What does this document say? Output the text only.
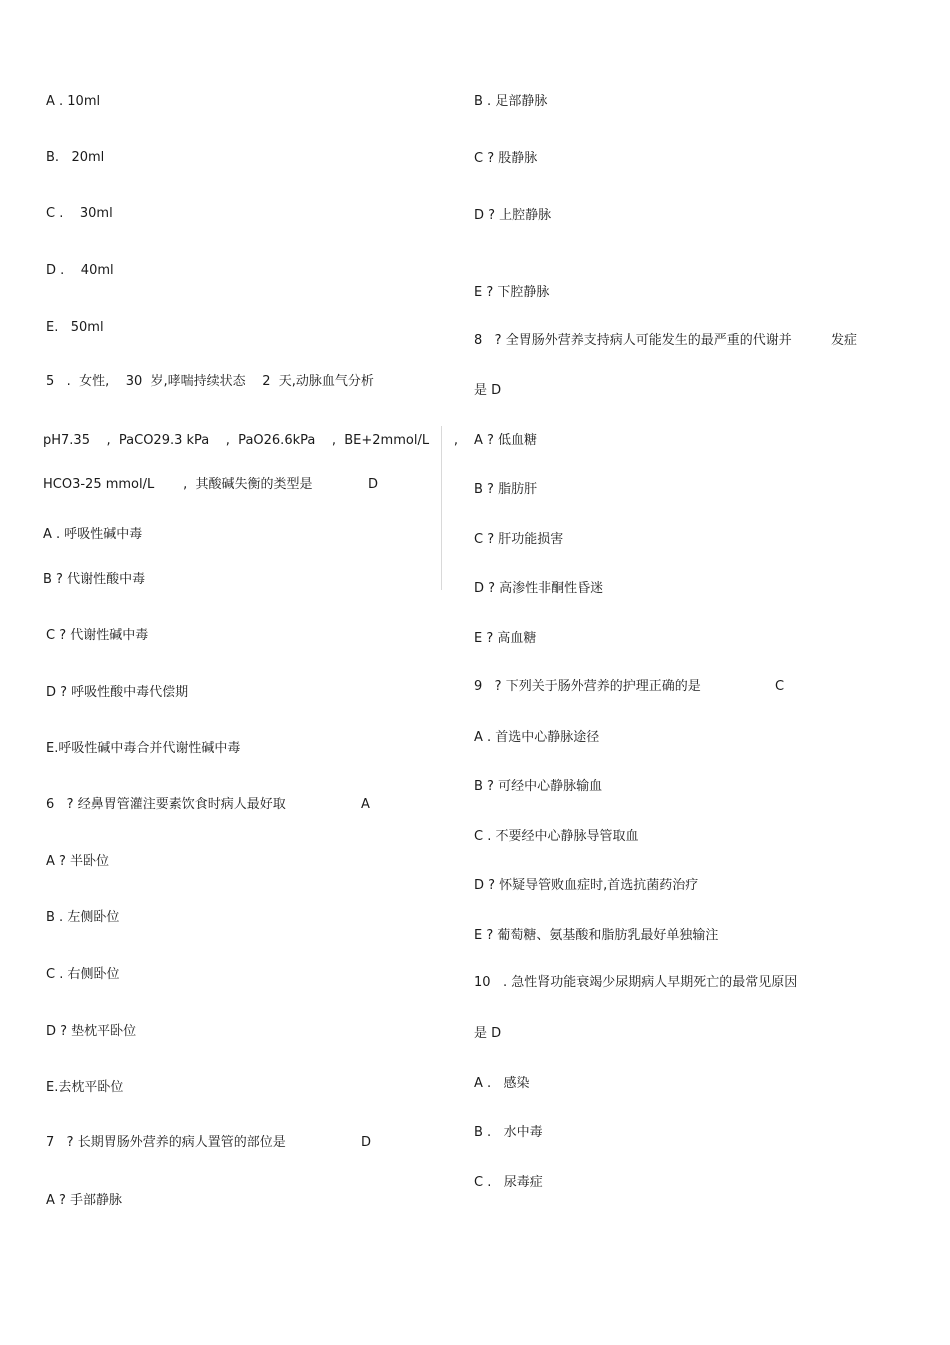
A . 10ml
B.   20ml
C .    30ml
D .    40ml
E.   50ml
5   .  女性,    30  岁,哮喘持续状态    2  天,动脉血气分析
pH7.35    ,  PaCO29.3 kPa    ,  PaO26.6kPa    ,  BE+2mmol/L      ,
HCO3-25 mmol/L       ,  其酸碱失衡的类型是	D
A . 呼吸性碱中毒
B ? 代谢性酸中毒
C ? 代谢性碱中毒
D ? 呼吸性酸中毒代偿期
E.呼吸性碱中毒合并代谢性碱中毒
6   ? 经鼻胃管灌注要素饮食时病人最好取	A
A ? 半卧位
B . 左侧卧位
C . 右侧卧位
D ? 垫枕平卧位
E.去枕平卧位
7   ? 长期胃肠外营养的病人置管的部位是	D
A ? 手部静脉
B . 足部静脉
C ? 股静脉
D ? 上腔静脉
E ? 下腔静脉
8   ? 全胃肠外营养支持病人可能发生的最严重的代谢并	发症
是 D
A ? 低血糖
B ? 脂肪肝
C ? 肝功能损害
D ? 高渗性非酮性昏迷
E ? 高血糖
9   ? 下列关于肠外营养的护理正确的是	C
A . 首选中心静脉途径
B ? 可经中心静脉输血
C . 不要经中心静脉导管取血
D ? 怀疑导管败血症时,首选抗菌药治疗
E ? 葡萄糖、氨基酸和脂肪乳最好单独输注
10   . 急性肾功能衰竭少尿期病人早期死亡的最常见原因
是 D
A .   感染
B .   水中毒
C .   尿毒症
